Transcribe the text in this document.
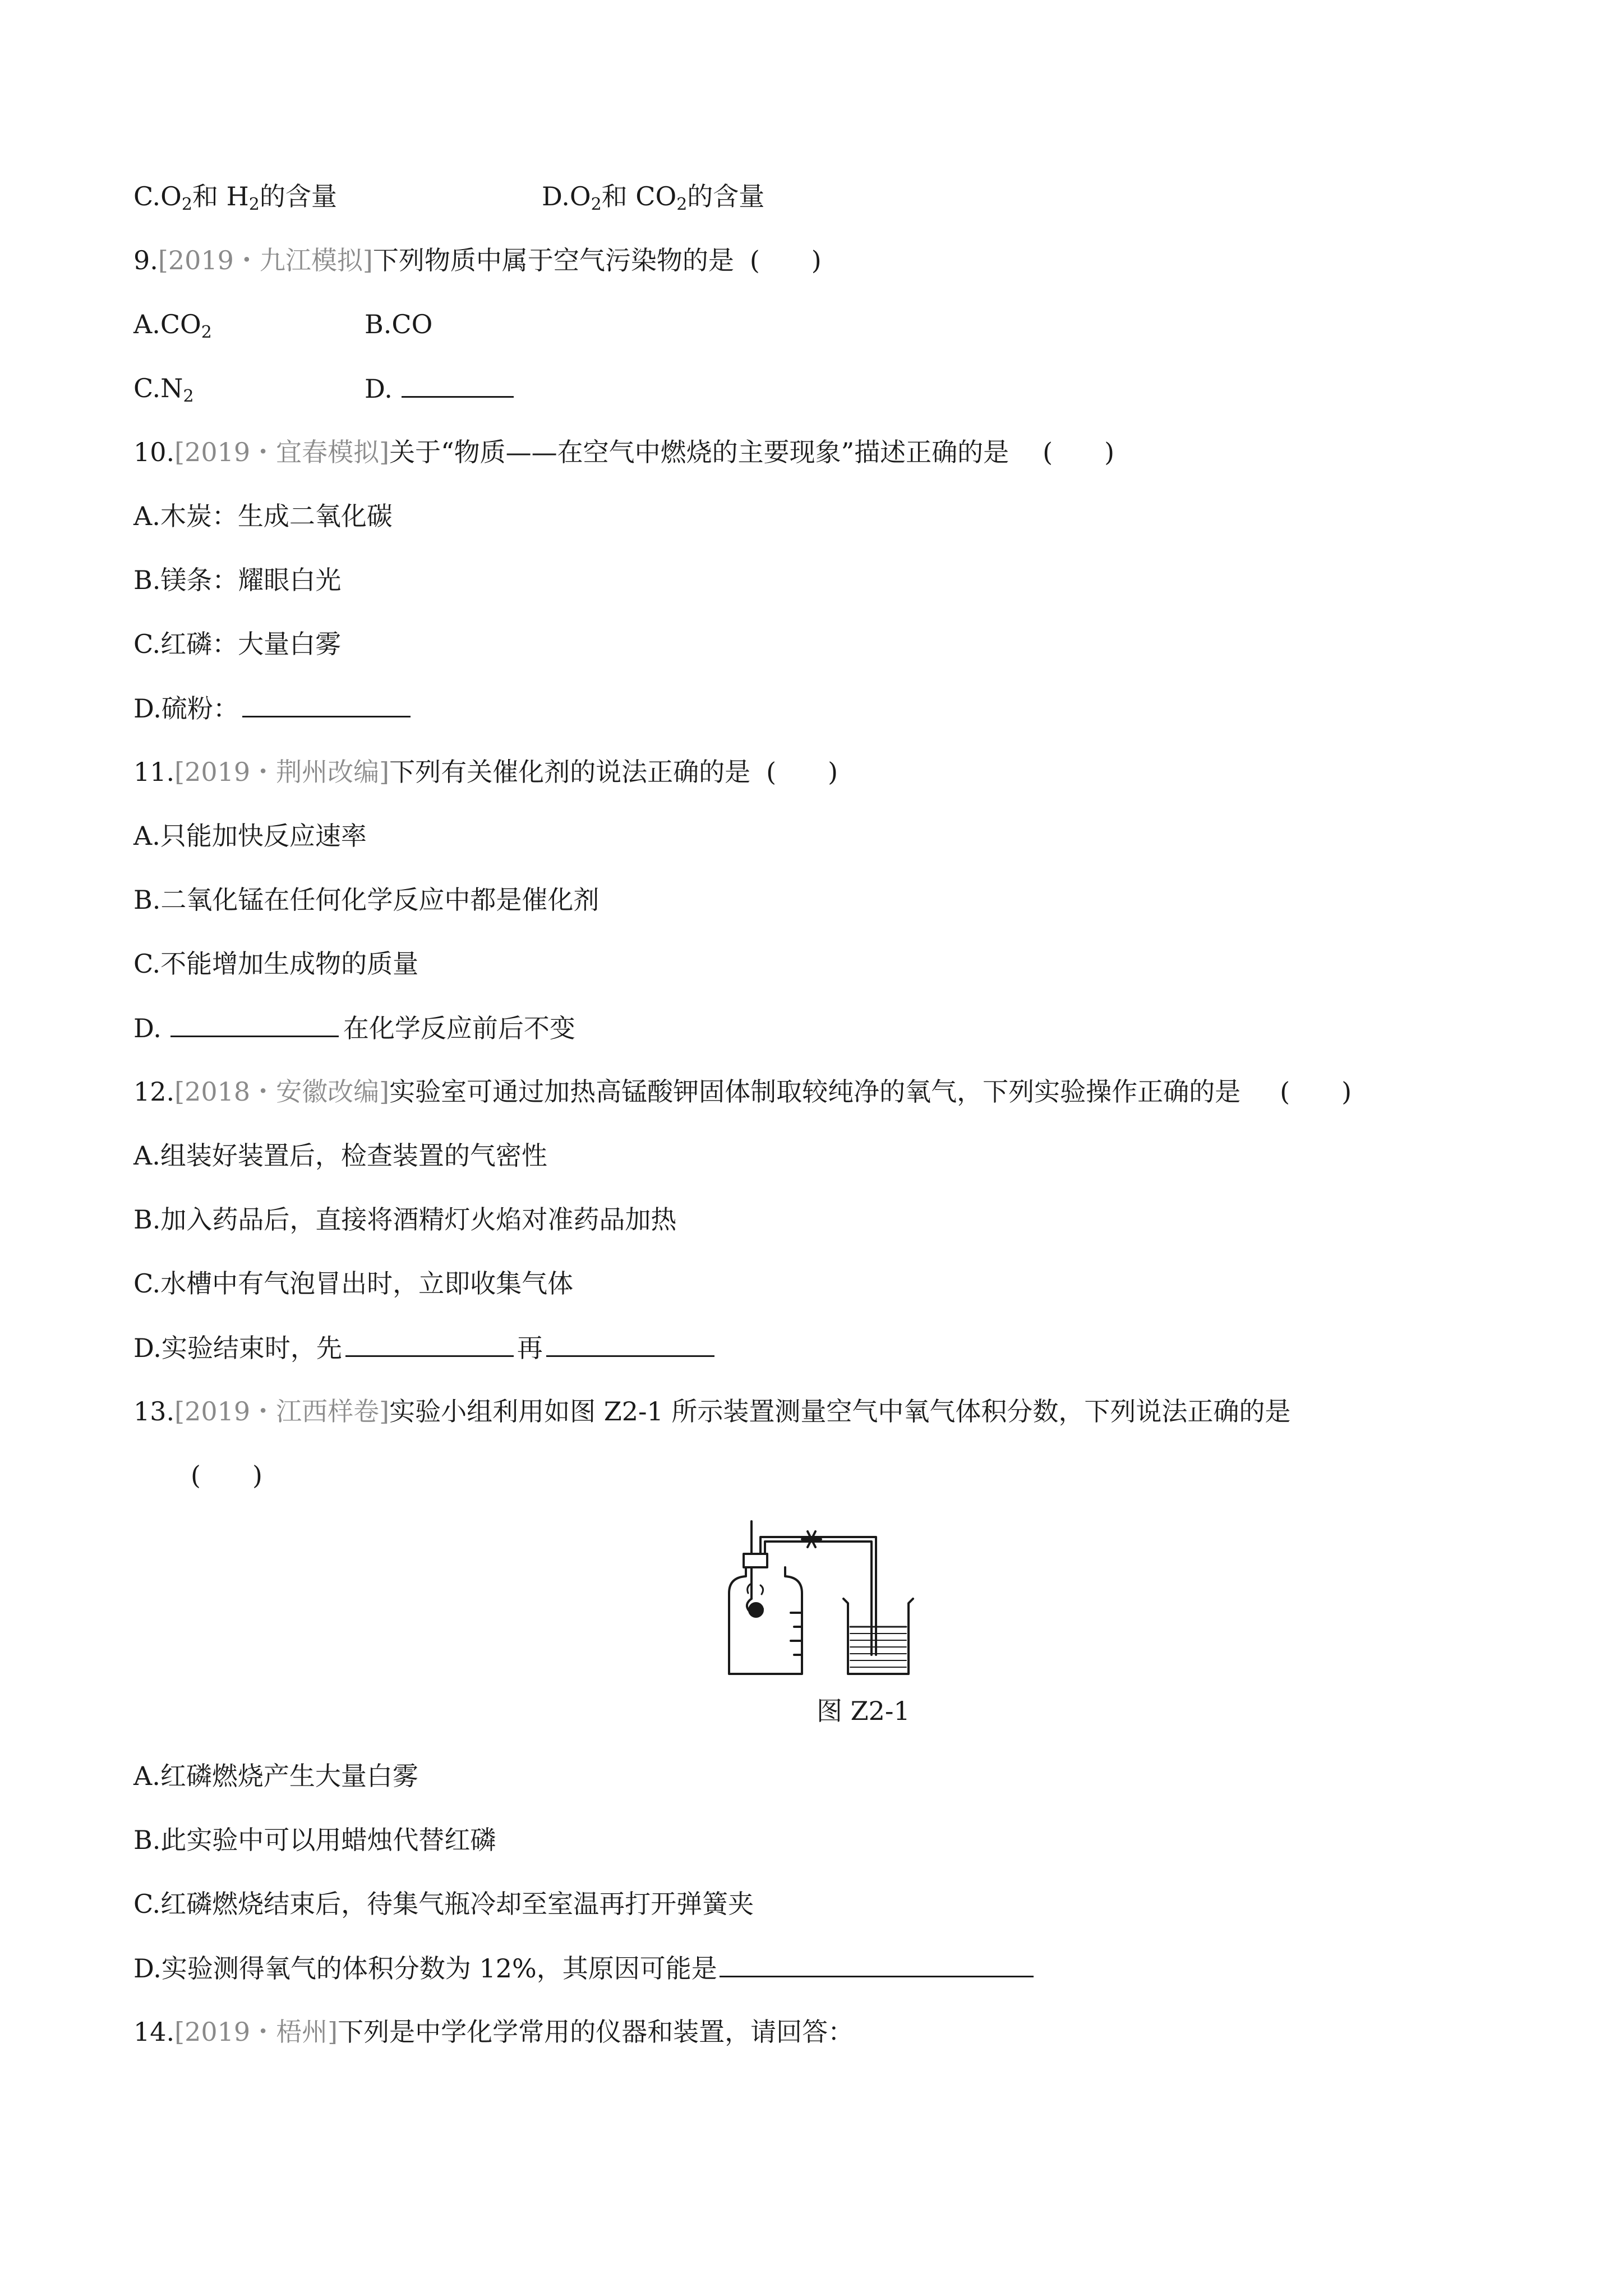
$C.O_2$和 $H_2$的含量	$D.O_2$和 $CO_2$的含量
9.[2019・九江模拟]下列物质中属于空气污染物的是 (　　)
$A.CO_2$	B.CO
$C.N_2$	D.
10.[2019・宜春模拟]关于“物质——在空气中燃烧的主要现象”描述正确的是 (　　)
A.木炭：生成二氧化碳
B.镁条：耀眼白光
C.红磷：大量白雾
D.硫粉：
11.[2019・荆州改编]下列有关催化剂的说法正确的是 (　　)
A.只能加快反应速率
B.二氧化锰在任何化学反应中都是催化剂
C.不能增加生成物的质量
D.	在化学反应前后不变
12.[2018・安徽改编]实验室可通过加热高锰酸钾固体制取较纯净的氧气，下列实验操作正确的是 (　　)
A.组装好装置后，检查装置的气密性
B.加入药品后，直接将酒精灯火焰对准药品加热
C.水槽中有气泡冒出时，立即收集气体
D.实验结束时，先	再
13.[2019・江西样卷]实验小组利用如图 Z2-1 所示装置测量空气中氧气体积分数，下列说法正确的是
(　　)
图 Z2-1
A.红磷燃烧产生大量白雾
B.此实验中可以用蜡烛代替红磷
C.红磷燃烧结束后，待集气瓶冷却至室温再打开弹簧夹
D.实验测得氧气的体积分数为 12%，其原因可能是
14.[2019・梧州]下列是中学化学常用的仪器和装置，请回答：
